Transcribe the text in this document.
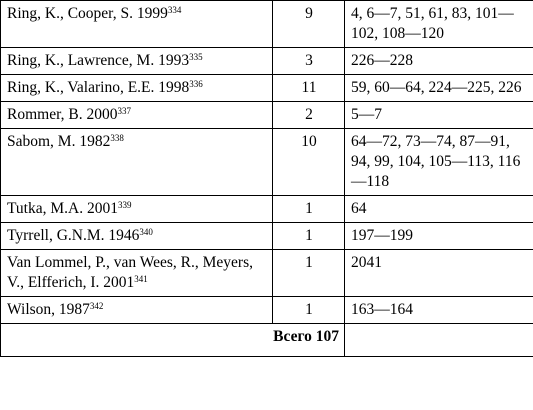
Ring, K., Cooper, S. 1999$^{334}$	9	4, 6—7, 51, 61, 83, 101—102, 108—120
Ring, K., Lawrence, M. 1993$^{335}$	3	226—228
Ring, K., Valarino, E.E. 1998$^{336}$	11	59, 60—64, 224—225, 226
Rommer, B. 2000$^{337}$	2	5—7
Sabom, M. 1982$^{338}$	10	64—72, 73—74, 87—91, 94, 99, 104, 105—113, 116—118
Tutka, M.A. 2001$^{339}$	1	64
Tyrrell, G.N.M. 1946$^{340}$	1	197—199
Van Lommel, P., van Wees, R., Meyers, V., Elfferich, I. 2001$^{341}$	1	2041
Wilson, 1987$^{342}$	1	163—164
Всего 107		
